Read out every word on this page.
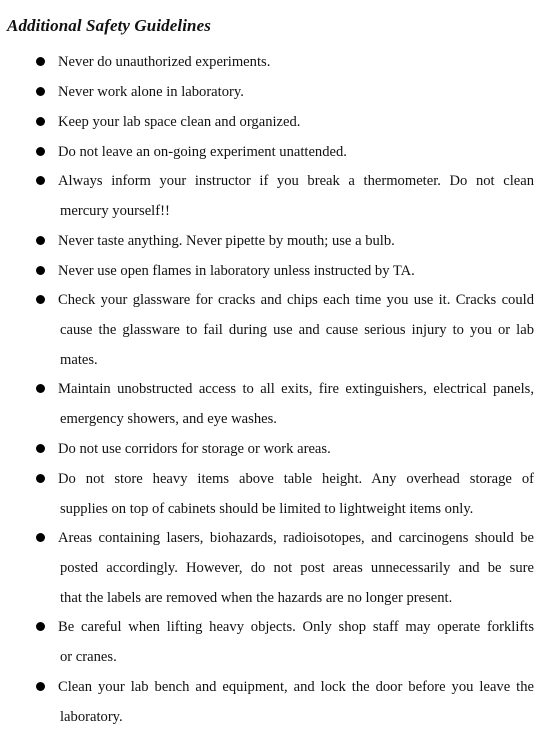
Additional Safety Guidelines
Never do unauthorized experiments.
Never work alone in laboratory.
Keep your lab space clean and organized.
Do not leave an on-going experiment unattended.
Always inform your instructor if you break a thermometer. Do not clean
mercury yourself!!
Never taste anything. Never pipette by mouth; use a bulb.
Never use open flames in laboratory unless instructed by TA.
Check your glassware for cracks and chips each time you use it. Cracks could
cause the glassware to fail during use and cause serious injury to you or lab
mates.
Maintain unobstructed access to all exits, fire extinguishers, electrical panels,
emergency showers, and eye washes.
Do not use corridors for storage or work areas.
Do not store heavy items above table height. Any overhead storage of
supplies on top of cabinets should be limited to lightweight items only.
Areas containing lasers, biohazards, radioisotopes, and carcinogens should be
posted accordingly. However, do not post areas unnecessarily and be sure
that the labels are removed when the hazards are no longer present.
Be careful when lifting heavy objects. Only shop staff may operate forklifts
or cranes.
Clean your lab bench and equipment, and lock the door before you leave the
laboratory.
